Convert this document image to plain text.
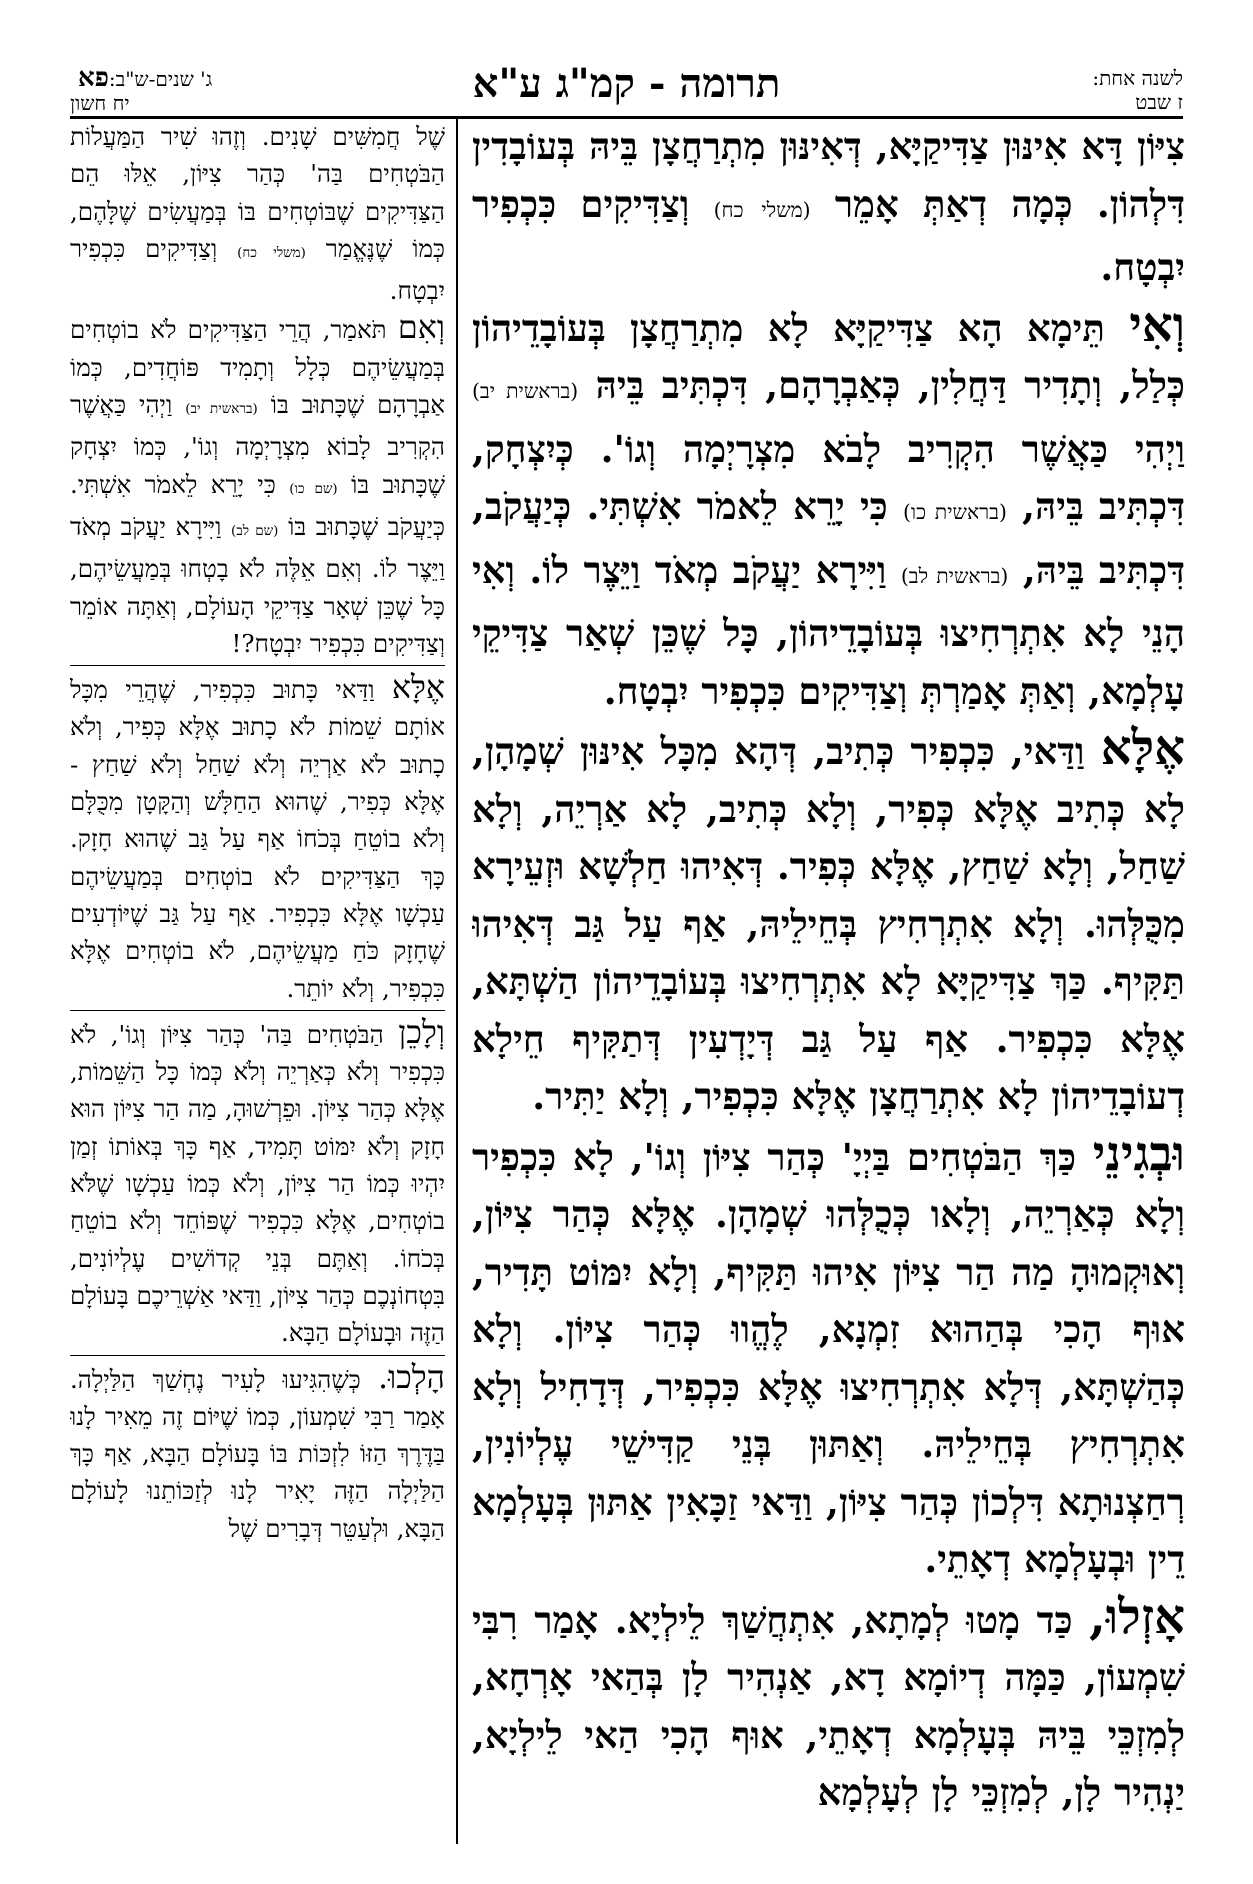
לשנה אחת:
ז שבט
תרומה - קמ"ג ע"א
ג' שנים-ש"ב:פא
יח חשון

צִיּוֹן דָּא אִינּוּן צַדִּיקַיָּא, דְּאִינּוּן מִתְרַחֲצָן בֵּיהּ בְּעוֹבָדִין דִּלְהוֹן. כְּמָה דְאַתְּ אָמֵר (משלי כח) וְצַדִּיקִים כִּכְפִיר יִבְטָח.

וְאִי תֵּימָא הָא צַדִּיקַיָּא לָא מִתְרַחֲצָן בְּעוֹבָדֵיהוֹן כְּלַל, וְתָדִיר דַּחֲלִין, כְּאַבְרָהָם, דִּכְתִּיב בֵּיהּ (בראשית יב) וַיְהִי כַּאֲשֶׁר הִקְרִיב לָבֹא מִצְרָיְמָה וְגוֹ'. כְּיִצְחָק, דִּכְתִּיב בֵּיהּ, (בראשית כו) כִּי יָרֵא לֵאמֹר אִשְׁתִּי. כְּיַעֲקֹב, דִּכְתִּיב בֵּיהּ, (בראשית לב) וַיִּירָא יַעֲקֹב מְאֹד וַיֵּצֶר לוֹ. וְאִי הָנֵי לָא אִתְרְחִיצוּ בְּעוֹבָדֵיהוֹן, כָּל שֶׁכֵּן שְׁאַר צַדִּיקֵי עָלְמָא, וְאַתְּ אָמַרְתְּ וְצַדִּיקִים כִּכְפִיר יִבְטָח.

אֶלָּא וַדַּאי, כִּכְפִיר כְּתִיב, דְּהָא מִכָּל אִינּוּן שְׁמָהָן, לָא כְּתִיב אֶלָּא כְּפִיר, וְלָא כְּתִיב, לָא אַרְיֵה, וְלָא שַׁחַל, וְלָא שַׁחַץ, אֶלָּא כְּפִיר. דְּאִיהוּ חַלְשָׁא וּזְעֵירָא מִכֻּלְּהוּ. וְלָא אִתְרְחִיץ בְּחֵילֵיהּ, אַף עַל גַּב דְּאִיהוּ תַּקִּיף. כַּךְ צַדִּיקַיָּא לָא אִתְרְחִיצוּ בְּעוֹבָדֵיהוֹן הַשְׁתָּא, אֶלָּא כִּכְפִיר. אַף עַל גַּב דְּיָדְעִין דְּתַקִּיף חֵילָא דְעוֹבָדֵיהוֹן לָא אִתְרַחֲצָן אֶלָּא כִּכְפִיר, וְלָא יַתִּיר.

וּבְגִינֵי כַּךְ הַבֹּטְחִים בַּיְיָ' כְּהַר צִיּוֹן וְגוֹ', לָא כִּכְפִיר וְלָא כְּאַרְיֵה, וְלָאו כְּכֻלְּהוּ שְׁמָהָן. אֶלָּא כְּהַר צִיּוֹן, וְאוּקְמוּהָ מַה הַר צִיּוֹן אִיהוּ תַּקִּיף, וְלָא יִמּוֹט תָּדִיר, אוּף הָכִי בְּהַהוּא זִמְנָא, לֶהֱווּ כְּהַר צִיּוֹן. וְלָא כְּהַשְׁתָּא, דְּלָא אִתְרְחִיצוּ אֶלָּא כִּכְפִיר, דְּדָחִיל וְלָא אִתְרְחִיץ בְּחֵילֵיהּ. וְאַתּוּן בְּנֵי קַדִּישֵׁי עֶלְיוֹנִין, רְחַצְנוּתָא דִּלְכוֹן כְּהַר צִיּוֹן, וַדַּאי זַכָּאִין אַתּוּן בְּעָלְמָא דֵין וּבְעָלְמָא דְאָתֵי.

אָזְלוּ, כַּד מָטוּ לְמָתָא, אִתְחֲשַׁךְ לֵילְיָא. אָמַר רִבִּי שִׁמְעוֹן, כַּמָּה דְיוֹמָא דָא, אַנְהִיר לָן בְּהַאי אָרְחָא, לְמִזְכֵּי בֵּיהּ בְּעָלְמָא דְאָתֵי, אוּף הָכִי הַאי לֵילְיָא, יַנְהִיר לָן, לְמִזְכֵּי לָן לְעָלְמָא

שֶׁל חֲמִשִּׁים שָׁנִים. וְזֶהוּ שִׁיר הַמַּעֲלוֹת הַבֹּטְחִים בַּה' כְּהַר צִיּוֹן, אֵלּוּ הֵם הַצַּדִּיקִים שֶׁבּוֹטְחִים בּוֹ בְּמַעֲשִׂים שֶׁלָּהֶם, כְּמוֹ שֶׁנֶּאֱמַר (משלי כח) וְצַדִּיקִים כִּכְפִיר יִבְטָח.

וְאִם תֹּאמַר, הֲרֵי הַצַּדִּיקִים לֹא בוֹטְחִים בְּמַעֲשֵׂיהֶם כְּלָל וְתָמִיד פּוֹחֲדִים, כְּמוֹ אַבְרָהָם שֶׁכָּתוּב בּוֹ (בראשית יב) וַיְהִי כַּאֲשֶׁר הִקְרִיב לָבוֹא מִצְרָיְמָה וְגוֹ', כְּמוֹ יִצְחָק שֶׁכָּתוּב בּוֹ (שם כו) כִּי יָרֵא לֵאמֹר אִשְׁתִּי. כְּיַעֲקֹב שֶׁכָּתוּב בּוֹ (שם לב) וַיִּירָא יַעֲקֹב מְאֹד וַיֵּצֶר לוֹ. וְאִם אֵלֶּה לֹא בָטְחוּ בְּמַעֲשֵׂיהֶם, כָּל שֶׁכֵּן שְׁאָר צַדִּיקֵי הָעוֹלָם, וְאַתָּה אוֹמֵר וְצַדִּיקִים כִּכְפִיר יִבְטָח?!

אֶלָּא וַדַּאי כָּתוּב כִּכְפִיר, שֶׁהֲרֵי מִכָּל אוֹתָם שֵׁמוֹת לֹא כָתוּב אֶלָּא כְּפִיר, וְלֹא כָתוּב לֹא אַרְיֵה וְלֹא שַׁחַל וְלֹא שַׁחַץ - אֶלָּא כְּפִיר, שֶׁהוּא הַחַלָּשׁ וְהַקָּטָן מִכֻּלָּם וְלֹא בוֹטֵחַ בְּכֹחוֹ אַף עַל גַּב שֶׁהוּא חָזָק. כָּךְ הַצַּדִּיקִים לֹא בוֹטְחִים בְּמַעֲשֵׂיהֶם עַכְשָׁו אֶלָּא כִּכְפִיר. אַף עַל גַּב שֶׁיּוֹדְעִים שֶׁחָזָק כֹּחַ מַעֲשֵׂיהֶם, לֹא בוֹטְחִים אֶלָּא כִּכְפִיר, וְלֹא יוֹתֵר.

וְלָכֵן הַבֹּטְחִים בַּה' כְּהַר צִיּוֹן וְגוֹ', לֹא כִּכְפִיר וְלֹא כְּאַרְיֵה וְלֹא כְּמוֹ כָּל הַשֵּׁמוֹת, אֶלָּא כְּהַר צִיּוֹן. וּפֵרְשׁוּהָ, מַה הַר צִיּוֹן הוּא חָזָק וְלֹא יִמּוֹט תָּמִיד, אַף כָּךְ בְּאוֹתוֹ זְמַן יִהְיוּ כְּמוֹ הַר צִיּוֹן, וְלֹא כְּמוֹ עַכְשָׁו שֶׁלֹּא בוֹטְחִים, אֶלָּא כִּכְפִיר שֶׁפּוֹחֵד וְלֹא בוֹטֵחַ בְּכֹחוֹ. וְאַתֶּם בְּנֵי קְדוֹשִׁים עֶלְיוֹנִים, בִּטְחוֹנְכֶם כְּהַר צִיּוֹן, וַדַּאי אַשְׁרֵיכֶם בָּעוֹלָם הַזֶּה וּבָעוֹלָם הַבָּא.

הָלְכוּ. כְּשֶׁהִגִּיעוּ לָעִיר נֶחְשַׁךְ הַלַּיְלָה. אָמַר רַבִּי שִׁמְעוֹן, כְּמוֹ שֶׁיּוֹם זֶה מֵאִיר לָנוּ בַּדֶּרֶךְ הַזּוֹ לִזְכּוֹת בּוֹ בָּעוֹלָם הַבָּא, אַף כָּךְ הַלַּיְלָה הַזֶּה יָאִיר לָנוּ לְזַכּוֹתֵנוּ לָעוֹלָם הַבָּא, וּלְעַטֵּר דְּבָרִים שֶׁל
